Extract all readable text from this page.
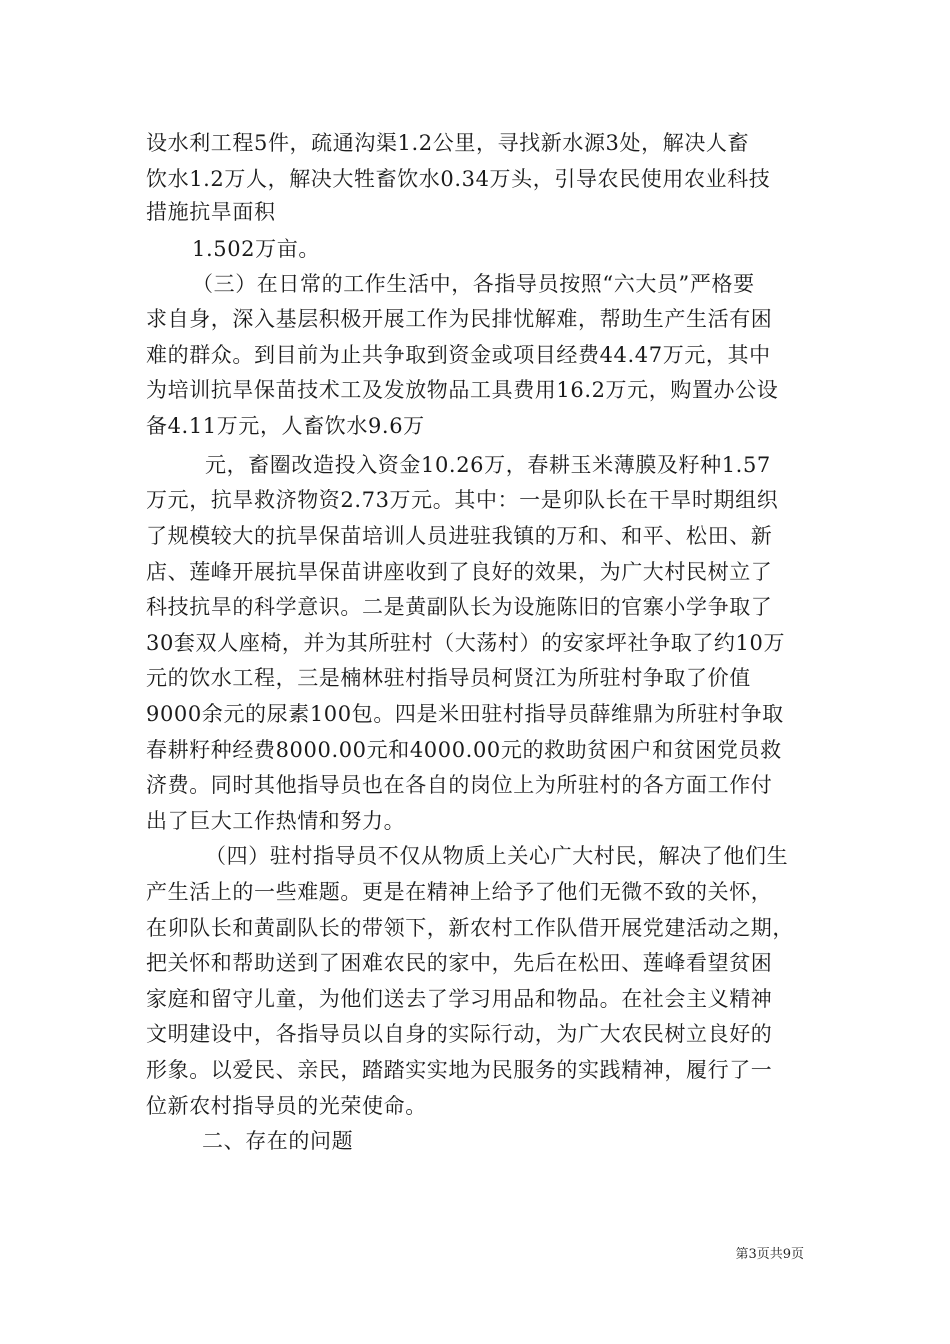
设水利工程5件，疏通沟渠1.2公里，寻找新水源3处，解决人畜
饮水1.2万人，解决大牲畜饮水0.34万头，引导农民使用农业科技
措施抗旱面积
1.502万亩。
（三）在日常的工作生活中，各指导员按照“六大员”严格要
求自身，深入基层积极开展工作为民排忧解难，帮助生产生活有困
难的群众。到目前为止共争取到资金或项目经费44.47万元，其中
为培训抗旱保苗技术工及发放物品工具费用16.2万元，购置办公设
备4.11万元，人畜饮水9.6万
元，畜圈改造投入资金10.26万，春耕玉米薄膜及籽种1.57
万元，抗旱救济物资2.73万元。其中：一是卯队长在干旱时期组织
了规模较大的抗旱保苗培训人员进驻我镇的万和、和平、松田、新
店、莲峰开展抗旱保苗讲座收到了良好的效果，为广大村民树立了
科技抗旱的科学意识。二是黄副队长为设施陈旧的官寨小学争取了
30套双人座椅，并为其所驻村（大荡村）的安家坪社争取了约10万
元的饮水工程，三是楠林驻村指导员柯贤江为所驻村争取了价值
9000余元的尿素100包。四是米田驻村指导员薛维鼎为所驻村争取
春耕籽种经费8000.00元和4000.00元的救助贫困户和贫困党员救
济费。同时其他指导员也在各自的岗位上为所驻村的各方面工作付
出了巨大工作热情和努力。
（四）驻村指导员不仅从物质上关心广大村民，解决了他们生
产生活上的一些难题。更是在精神上给予了他们无微不致的关怀，
在卯队长和黄副队长的带领下，新农村工作队借开展党建活动之期，
把关怀和帮助送到了困难农民的家中，先后在松田、莲峰看望贫困
家庭和留守儿童，为他们送去了学习用品和物品。在社会主义精神
文明建设中，各指导员以自身的实际行动，为广大农民树立良好的
形象。以爱民、亲民，踏踏实实地为民服务的实践精神，履行了一
位新农村指导员的光荣使命。
二、存在的问题
第3页共9页
